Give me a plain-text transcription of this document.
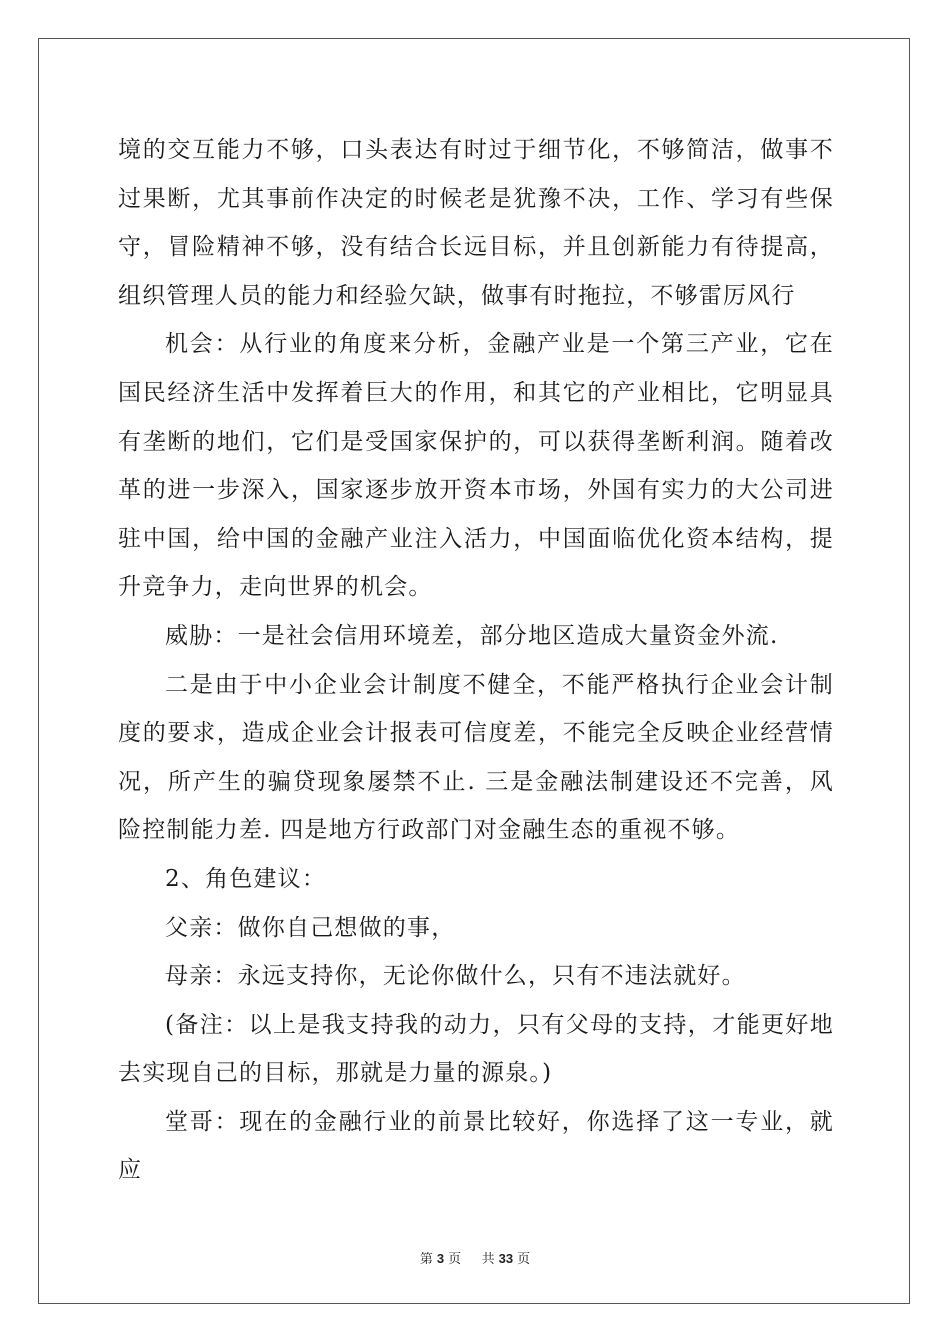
境的交互能力不够，口头表达有时过于细节化，不够简洁，做事不过果断，尤其事前作决定的时候老是犹豫不决，工作、学习有些保守，冒险精神不够，没有结合长远目标，并且创新能力有待提高，组织管理人员的能力和经验欠缺，做事有时拖拉，不够雷厉风行

机会：从行业的角度来分析，金融产业是一个第三产业，它在国民经济生活中发挥着巨大的作用，和其它的产业相比，它明显具有垄断的地们，它们是受国家保护的，可以获得垄断利润。随着改革的进一步深入，国家逐步放开资本市场，外国有实力的大公司进驻中国，给中国的金融产业注入活力，中国面临优化资本结构，提升竞争力，走向世界的机会。

威胁：一是社会信用环境差，部分地区造成大量资金外流.

二是由于中小企业会计制度不健全，不能严格执行企业会计制度的要求，造成企业会计报表可信度差，不能完全反映企业经营情况，所产生的骗贷现象屡禁不止. 三是金融法制建设还不完善，风险控制能力差. 四是地方行政部门对金融生态的重视不够。

2、角色建议：

父亲：做你自己想做的事，

母亲：永远支持你，无论你做什么，只有不违法就好。

(备注：以上是我支持我的动力，只有父母的支持，才能更好地去实现自己的目标，那就是力量的源泉。)

堂哥：现在的金融行业的前景比较好，你选择了这一专业，就应

第 3 页 共 33 页
